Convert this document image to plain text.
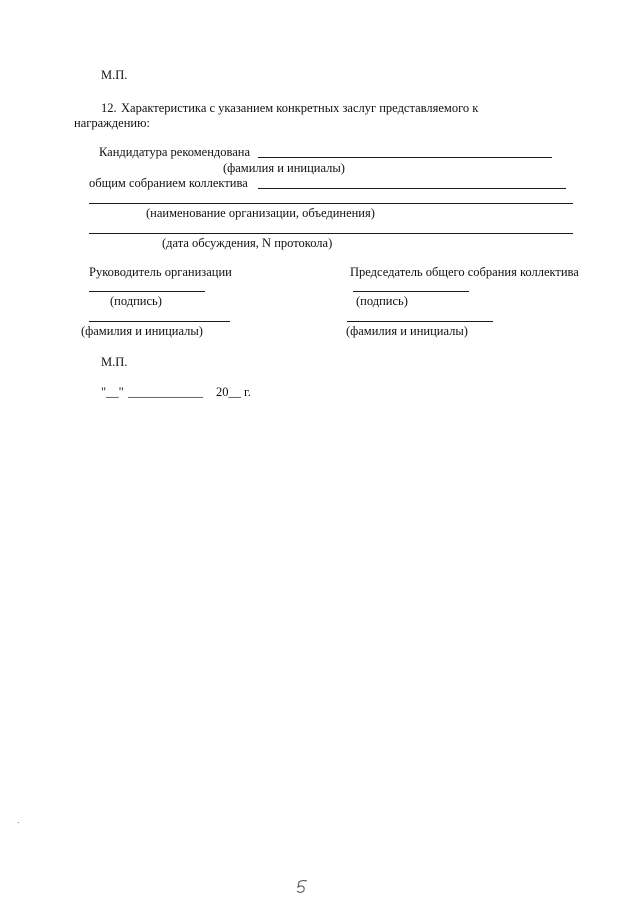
М.П.
12. Характеристика с указанием конкретных заслуг представляемого к
награждению:
Кандидатура рекомендована
(фамилия и инициалы)
общим собранием коллектива
(наименование организации, объединения)
(дата обсуждения, N протокола)
Руководитель организации	Председатель общего собрания коллектива
(подпись)	(подпись)
(фамилия и инициалы)	(фамилия и инициалы)
М.П.
"__" ____________ 20__ г.
